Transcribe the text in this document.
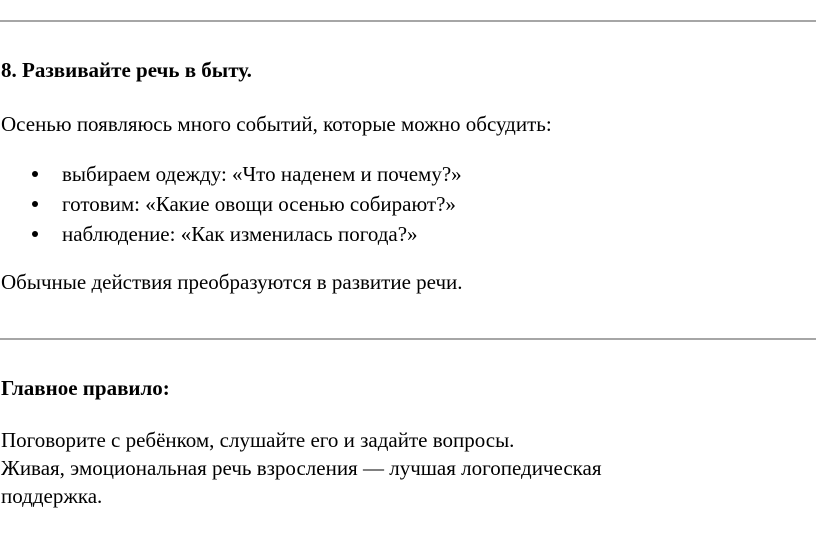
8. Развивайте речь в быту.

Осенью появляюсь много событий, которые можно обсудить:

выбираем одежду: «Что наденем и почему?»
готовим: «Какие овощи осенью собирают?»
наблюдение: «Как изменилась погода?»

Обычные действия преобразуются в развитие речи.

Главное правило:

Поговорите с ребёнком, слушайте его и задайте вопросы.

Живая, эмоциональная речь взросления — лучшая логопедическая

поддержка.
